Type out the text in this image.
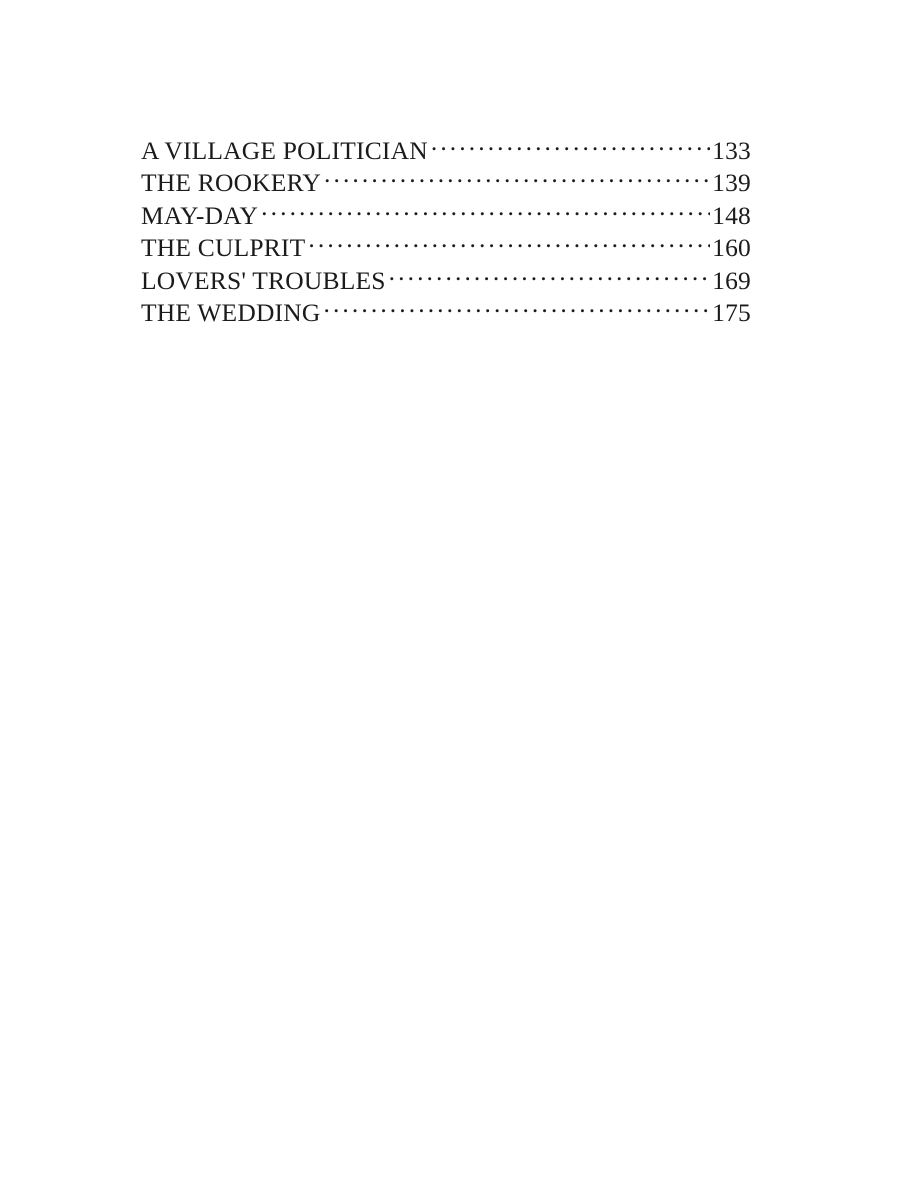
A VILLAGE POLITICIAN .....	133
THE ROOKERY .....	139
MAY-DAY .....	148
THE CULPRIT .....	160
LOVERS' TROUBLES .....	169
THE WEDDING .....	175
